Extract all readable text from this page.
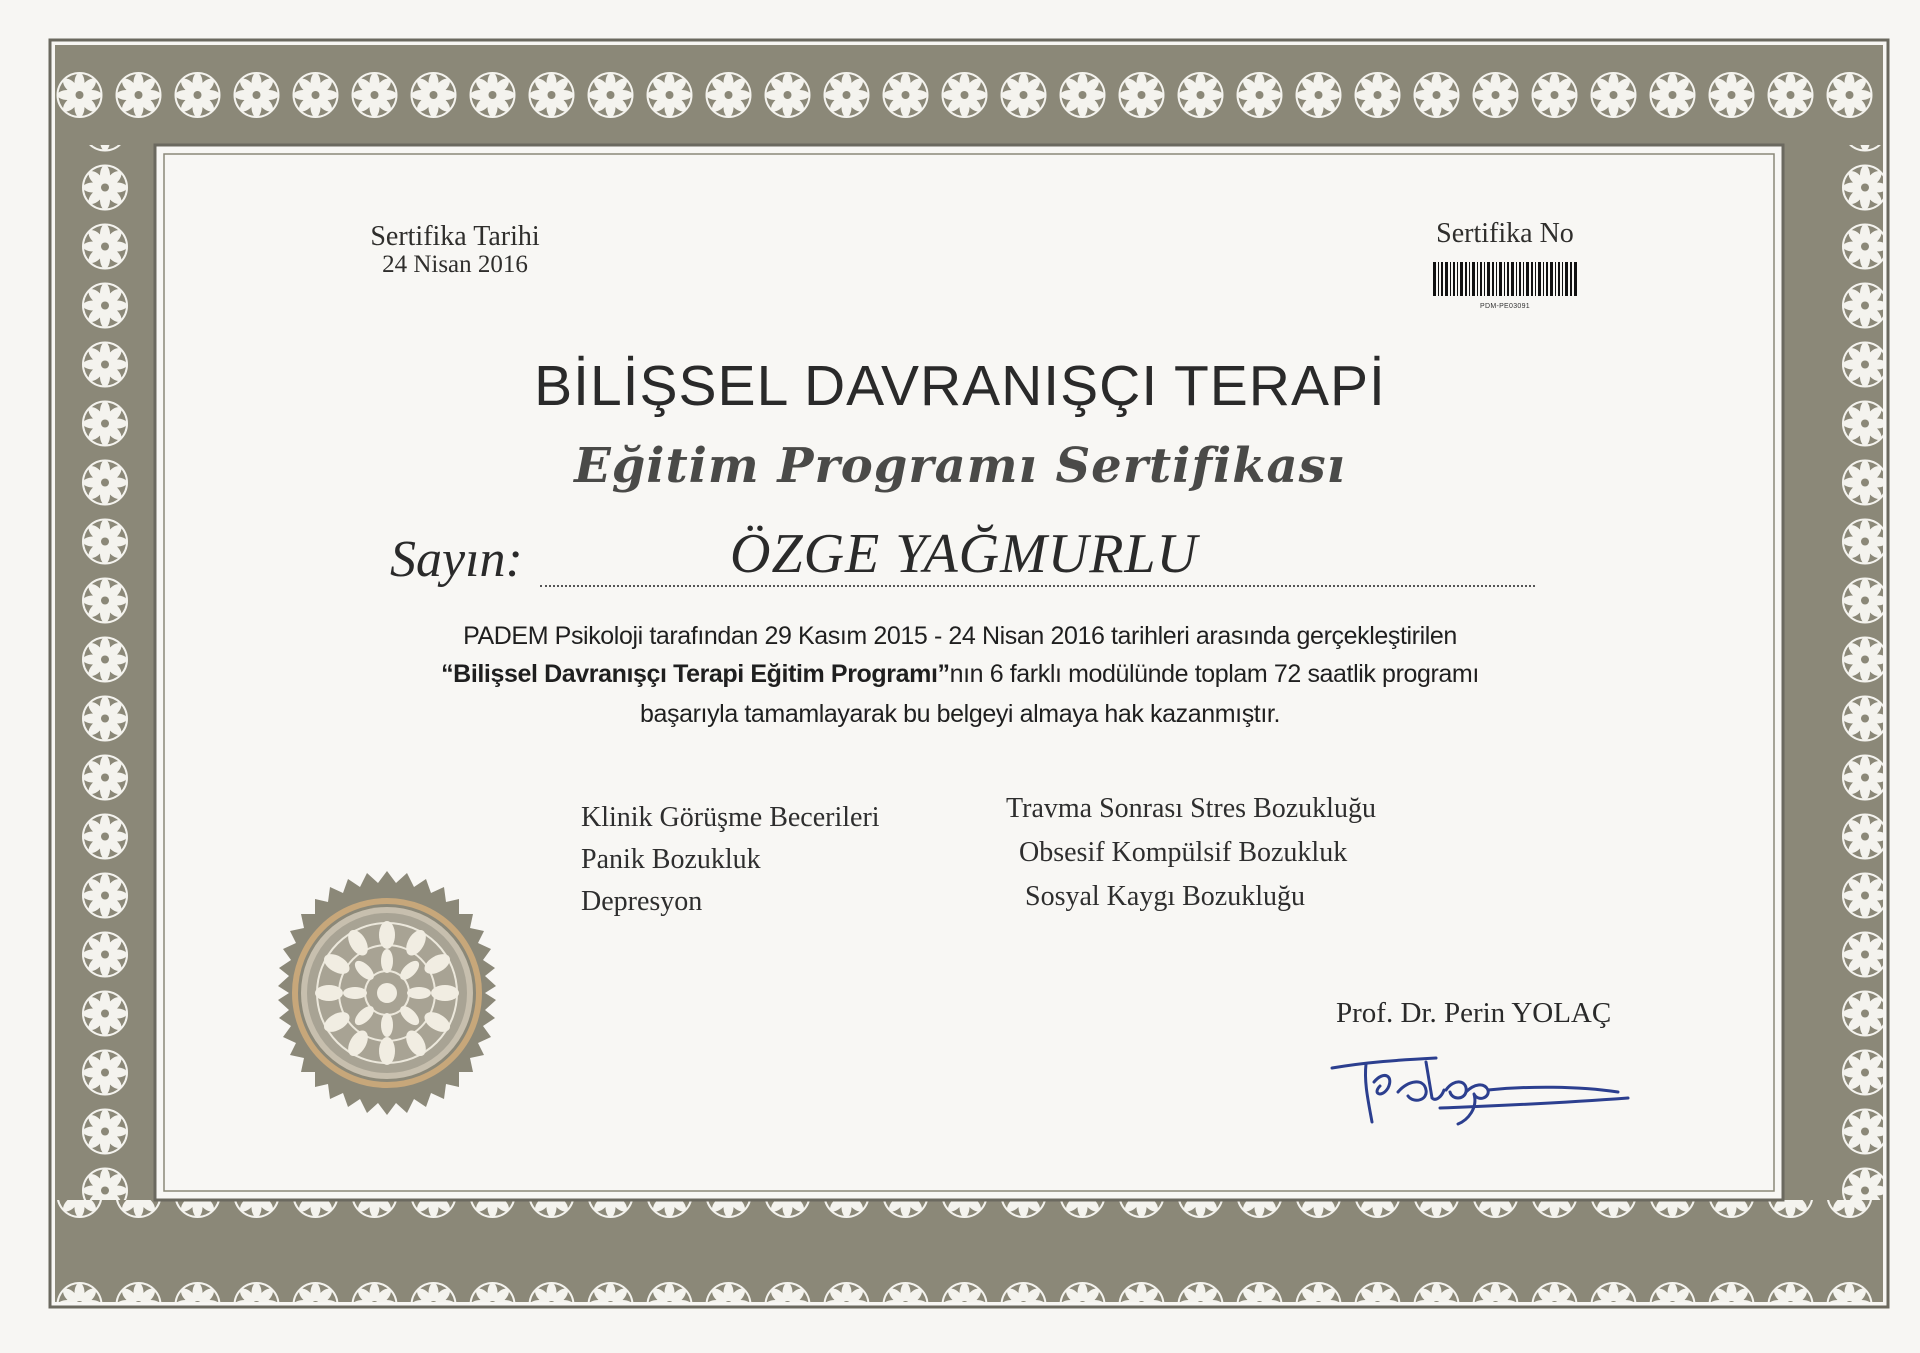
Sertifika Tarihi
24 Nisan 2016
Sertifika No
PDM-PE03091
BİLİŞSEL DAVRANIŞÇI TERAPİ
Eğitim Programı Sertifikası
Sayın:	ÖZGE YAĞMURLU
PADEM Psikoloji tarafından 29 Kasım 2015 - 24 Nisan 2016 tarihleri arasında gerçekleştirilen
“Bilişsel Davranışçı Terapi Eğitim Programı”nın 6 farklı modülünde toplam 72 saatlik programı
başarıyla tamamlayarak bu belgeyi almaya hak kazanmıştır.
Klinik Görüşme Becerileri
Panik Bozukluk
Depresyon
Travma Sonrası Stres Bozukluğu
Obsesif Kompülsif Bozukluk
Sosyal Kaygı Bozukluğu
Prof. Dr. Perin YOLAÇ
